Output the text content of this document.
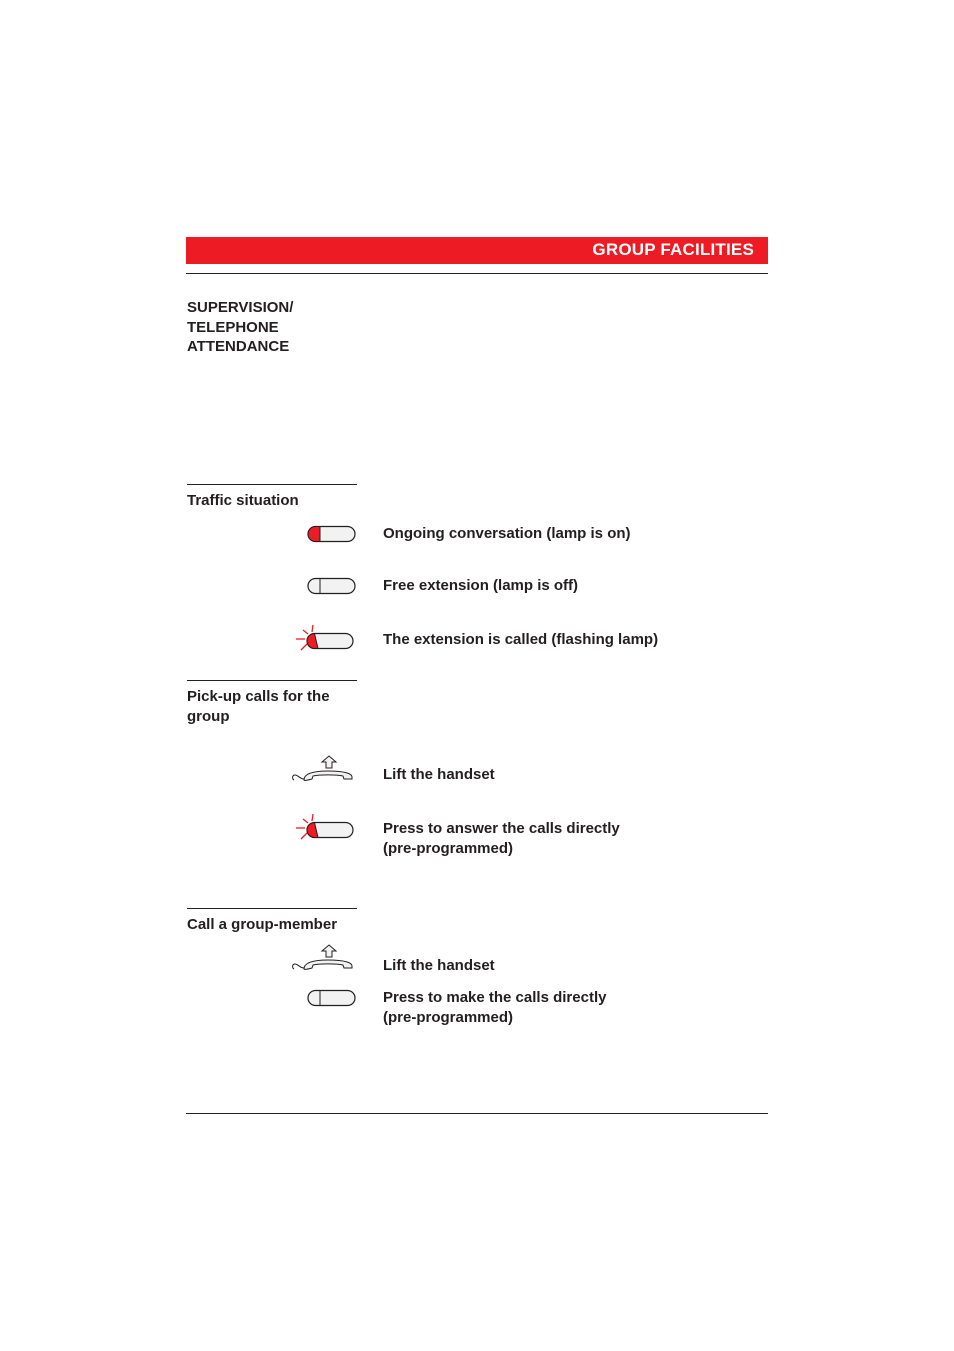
GROUP FACILITIES
SUPERVISION/
TELEPHONE
ATTENDANCE
Traffic situation
Ongoing conversation (lamp is on)
Free extension (lamp is off)
The extension is called (flashing lamp)
Pick-up calls for the
group
Lift the handset
Press to answer the calls directly
(pre-programmed)
Call a group-member
Lift the handset
Press to make the calls directly
(pre-programmed)
